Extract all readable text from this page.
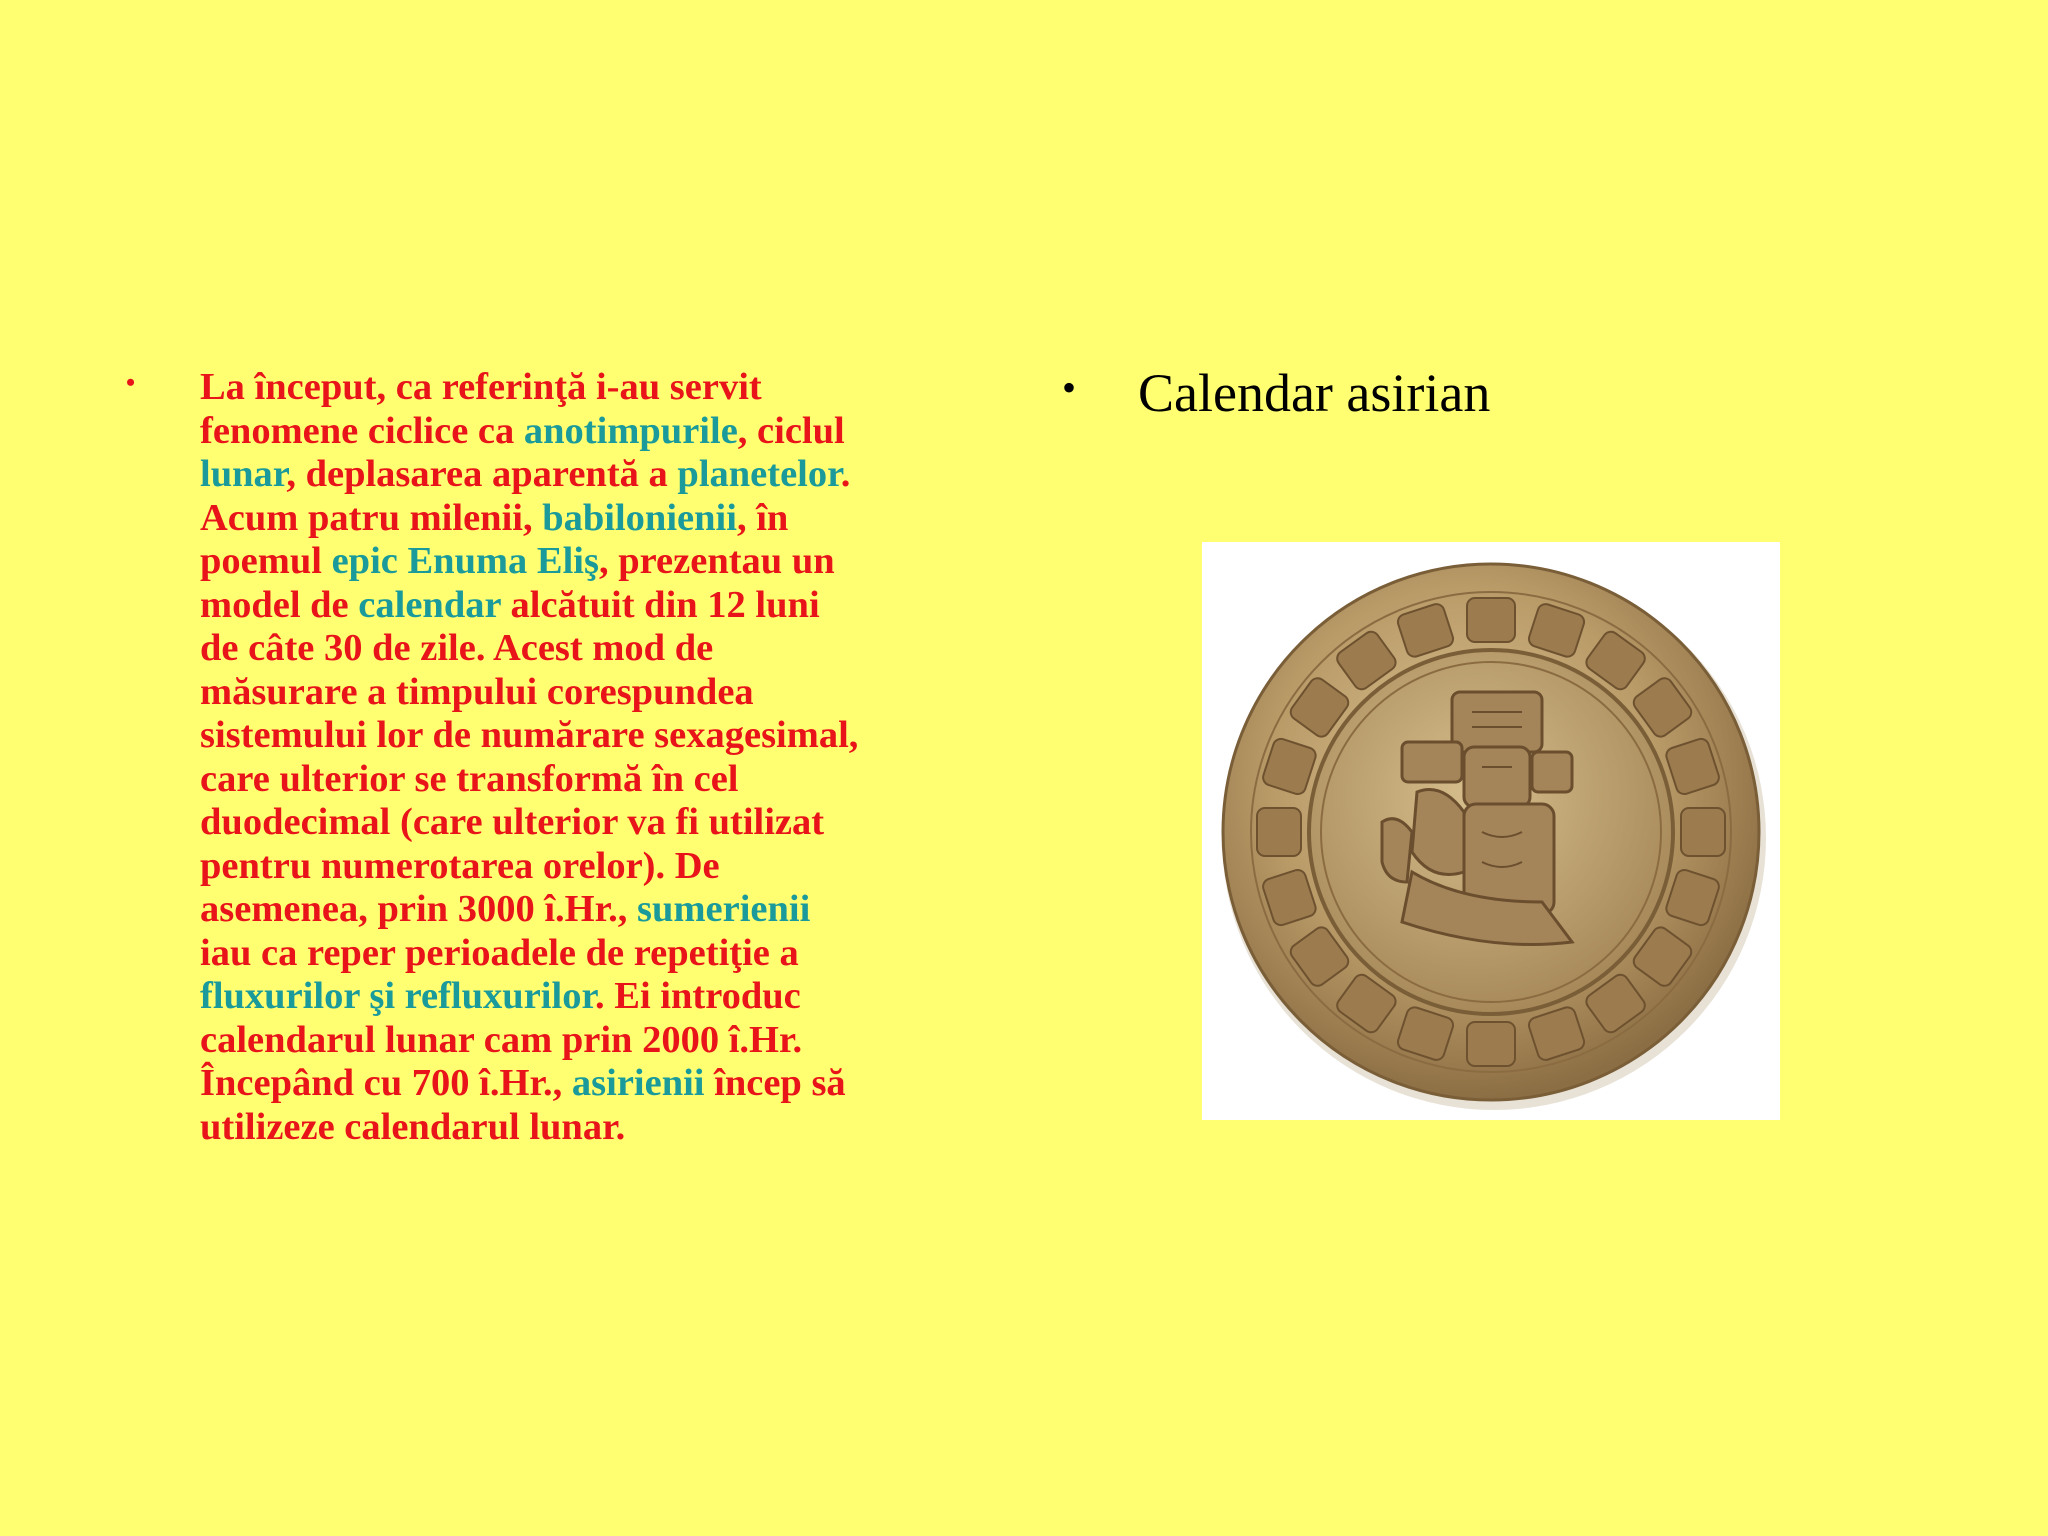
• La început, ca referinţă i-au servit
fenomene ciclice ca anotimpurile, ciclul
lunar, deplasarea aparentă a planetelor.
Acum patru milenii, babilonienii, în
poemul epic Enuma Eliş, prezentau un
model de calendar alcătuit din 12 luni
de câte 30 de zile. Acest mod de
măsurare a timpului corespundea
sistemului lor de numărare sexagesimal,
care ulterior se transformă în cel
duodecimal (care ulterior va fi utilizat
pentru numerotarea orelor). De
asemenea, prin 3000 î.Hr., sumerienii
iau ca reper perioadele de repetiţie a
fluxurilor şi refluxurilor. Ei introduc
calendarul lunar cam prin 2000 î.Hr.
Începând cu 700 î.Hr., asirienii încep să
utilizeze calendarul lunar.
• Calendar asirian
